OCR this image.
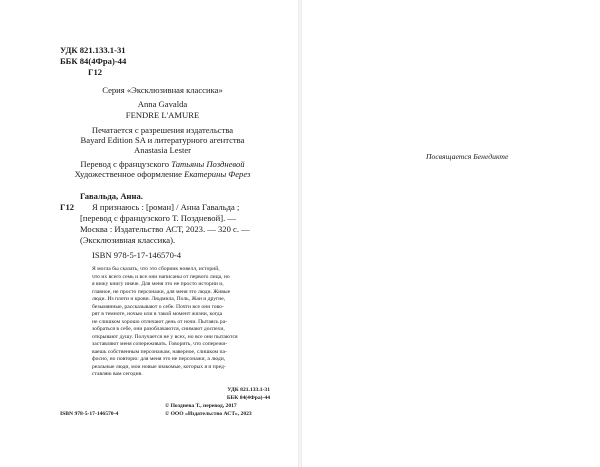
УДК 821.133.1-31
ББК 84(4Фра)-44
Г12
Серия «Эксклюзивная классика»
Anna Gavalda
FENDRE L'AMURE
Печатается с разрешения издательства
Bayard Edition SA и литературного агентства
Anastasia Lester
Перевод с французского Татьяны Поздневой
Художественное оформление Екатерины Ферез
Гавальда, Анна.
Г12 Я признаюсь : [роман] / Анна Гавальда ;
[перевод с французского Т. Поздневой]. —
Москва : Издательство АСТ, 2023. — 320 с. —
(Эксклюзивная классика).
ISBN 978-5-17-146570-4
Я могла бы сказать, что это сборник новелл, историй,
что их всего семь и все они написаны от первого лица, но
я вижу книгу иначе. Для меня это не просто истории и,
главное, не просто персонажи, для меня это люди. Живые
люди. Из плоти и крови. Людмила, Поль, Жан и другие,
безымянные, рассказывают о себе. Почти все они гово-
рят в темноте, ночью или в такой момент жизни, когда
не слишком хорошо отличают день от ночи. Пытаясь ра-
зобраться в себе, они разоблачаются, снимают доспехи,
открывают душу. Получается не у всех, но все они пытаются
заставляют меня сопереживать. Говорить, что сопережи-
ваешь собственным персонажам, наверное, слишком па-
фосно, но повторю: для меня это не персонажи, а люди,
реальные люди, мои новые знакомые, которых я и пред-
ставляю вам сегодня.
УДК 821.133.1-31
ББК 84(4Фра)-44
ISBN 978-5-17-146570-4
© Позднева Т., перевод, 2017
© ООО «Издательство АСТ», 2023
Посвящается Бенедикте
